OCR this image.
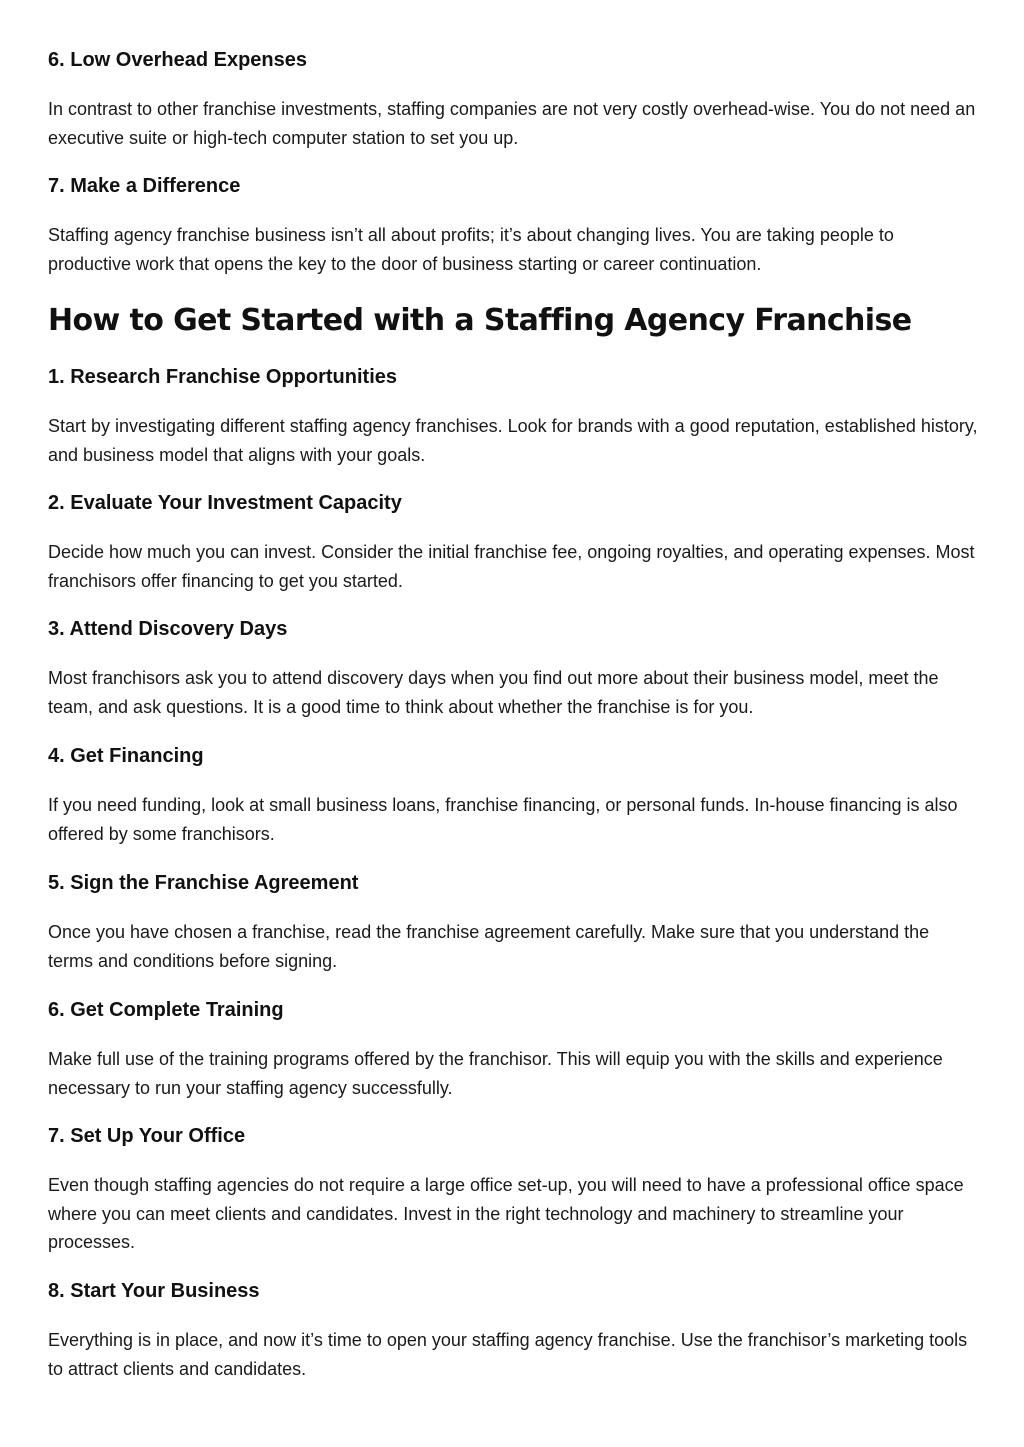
6. Low Overhead Expenses

In contrast to other franchise investments, staffing companies are not very costly overhead-wise. You do not need an executive suite or high-tech computer station to set you up.

7. Make a Difference

Staffing agency franchise business isn’t all about profits; it’s about changing lives. You are taking people to productive work that opens the key to the door of business starting or career continuation.

How to Get Started with a Staffing Agency Franchise
1. Research Franchise Opportunities

Start by investigating different staffing agency franchises. Look for brands with a good reputation, established history, and business model that aligns with your goals.

2. Evaluate Your Investment Capacity

Decide how much you can invest. Consider the initial franchise fee, ongoing royalties, and operating expenses. Most franchisors offer financing to get you started.

3. Attend Discovery Days

Most franchisors ask you to attend discovery days when you find out more about their business model, meet the team, and ask questions. It is a good time to think about whether the franchise is for you.

4. Get Financing

If you need funding, look at small business loans, franchise financing, or personal funds. In-house financing is also offered by some franchisors.

5. Sign the Franchise Agreement

Once you have chosen a franchise, read the franchise agreement carefully. Make sure that you understand the terms and conditions before signing.

6. Get Complete Training

Make full use of the training programs offered by the franchisor. This will equip you with the skills and experience necessary to run your staffing agency successfully.

7. Set Up Your Office

Even though staffing agencies do not require a large office set-up, you will need to have a professional office space where you can meet clients and candidates. Invest in the right technology and machinery to streamline your processes.

8. Start Your Business

Everything is in place, and now it’s time to open your staffing agency franchise. Use the franchisor’s marketing tools to attract clients and candidates.
